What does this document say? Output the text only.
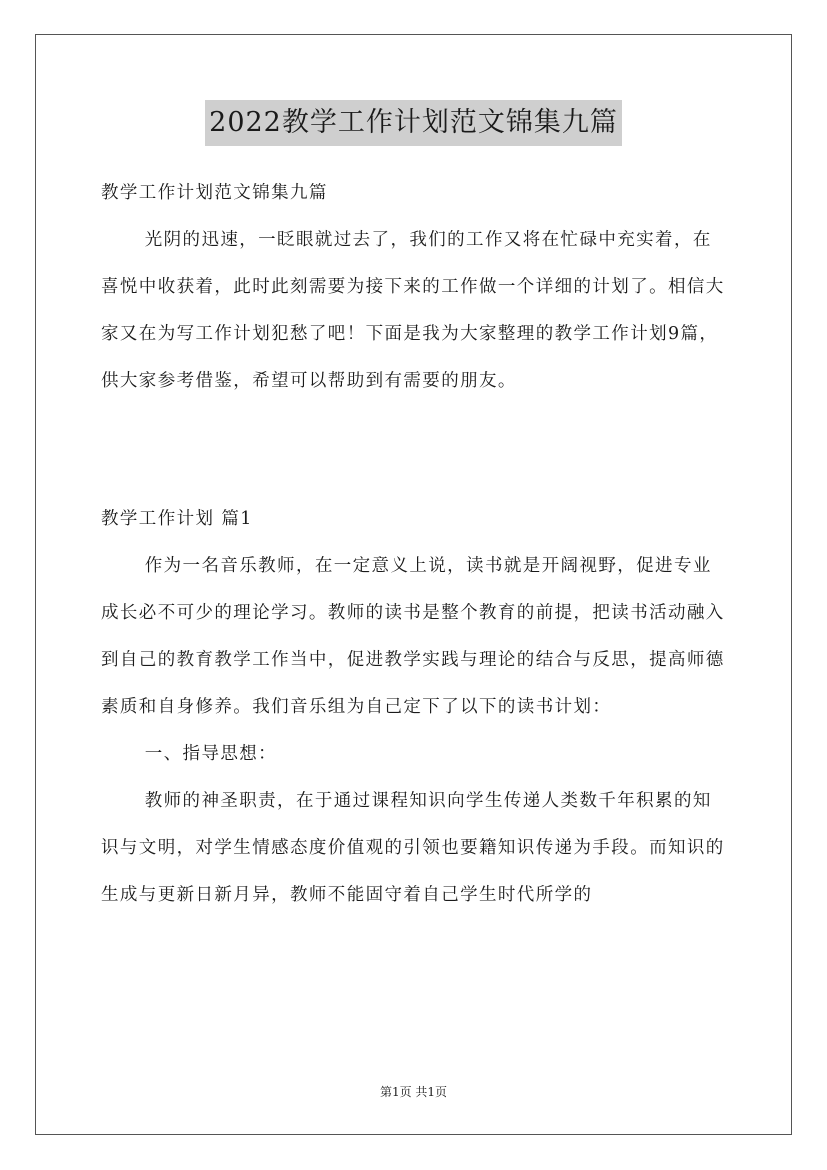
2022教学工作计划范文锦集九篇

教学工作计划范文锦集九篇

光阴的迅速，一眨眼就过去了，我们的工作又将在忙碌中充实着，在喜悦中收获着，此时此刻需要为接下来的工作做一个详细的计划了。相信大家又在为写工作计划犯愁了吧！下面是我为大家整理的教学工作计划9篇，供大家参考借鉴，希望可以帮助到有需要的朋友。

教学工作计划 篇1

作为一名音乐教师，在一定意义上说，读书就是开阔视野，促进专业成长必不可少的理论学习。教师的读书是整个教育的前提，把读书活动融入到自己的教育教学工作当中，促进教学实践与理论的结合与反思，提高师德素质和自身修养。我们音乐组为自己定下了以下的读书计划：

一、指导思想：

教师的神圣职责，在于通过课程知识向学生传递人类数千年积累的知识与文明，对学生情感态度价值观的引领也要籍知识传递为手段。而知识的生成与更新日新月异，教师不能固守着自己学生时代所学的

第1页 共1页
